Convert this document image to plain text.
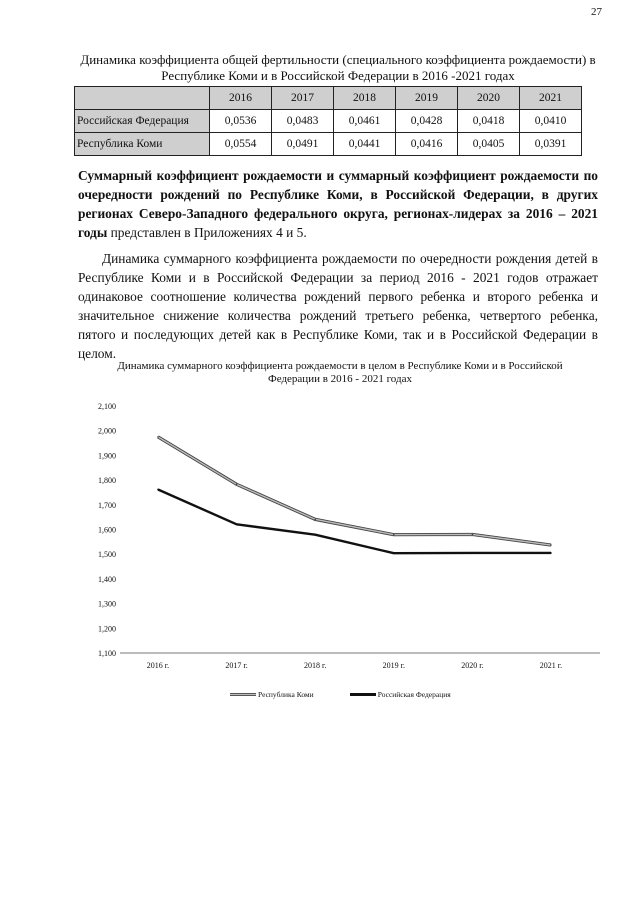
27
Динамика коэффициента общей фертильности (специального коэффициента рождаемости) в Республике Коми и в Российской Федерации в 2016 -2021 годах
	2016	2017	2018	2019	2020	2021
Российская Федерация	0,0536	0,0483	0,0461	0,0428	0,0418	0,0410
Республика Коми	0,0554	0,0491	0,0441	0,0416	0,0405	0,0391

Суммарный коэффициент рождаемости и суммарный коэффициент рождаемости по очередности рождений по Республике Коми, в Российской Федерации, в других регионах Северо-Западного федерального округа, регионах-лидерах за 2016 – 2021 годы представлен в Приложениях 4 и 5.

Динамика суммарного коэффициента рождаемости по очередности рождения детей в Республике Коми и в Российской Федерации за период 2016 - 2021 годов отражает одинаковое соотношение количества рождений первого ребенка и второго ребенка и значительное снижение количества рождений третьего ребенка, четвертого ребенка, пятого и последующих детей как в Республике Коми, так и в Российской Федерации в целом.

Динамика суммарного коэффициента рождаемости в целом в Республике Коми и в Российской Федерации в 2016 - 2021 годах
1,100
1,200
1,300
1,400
1,500
1,600
1,700
1,800
1,900
2,000
2,100
2016 г.	2017 г.	2018 г.	2019 г.	2020 г.	2021 г.
Республика Коми	Российская Федерация
